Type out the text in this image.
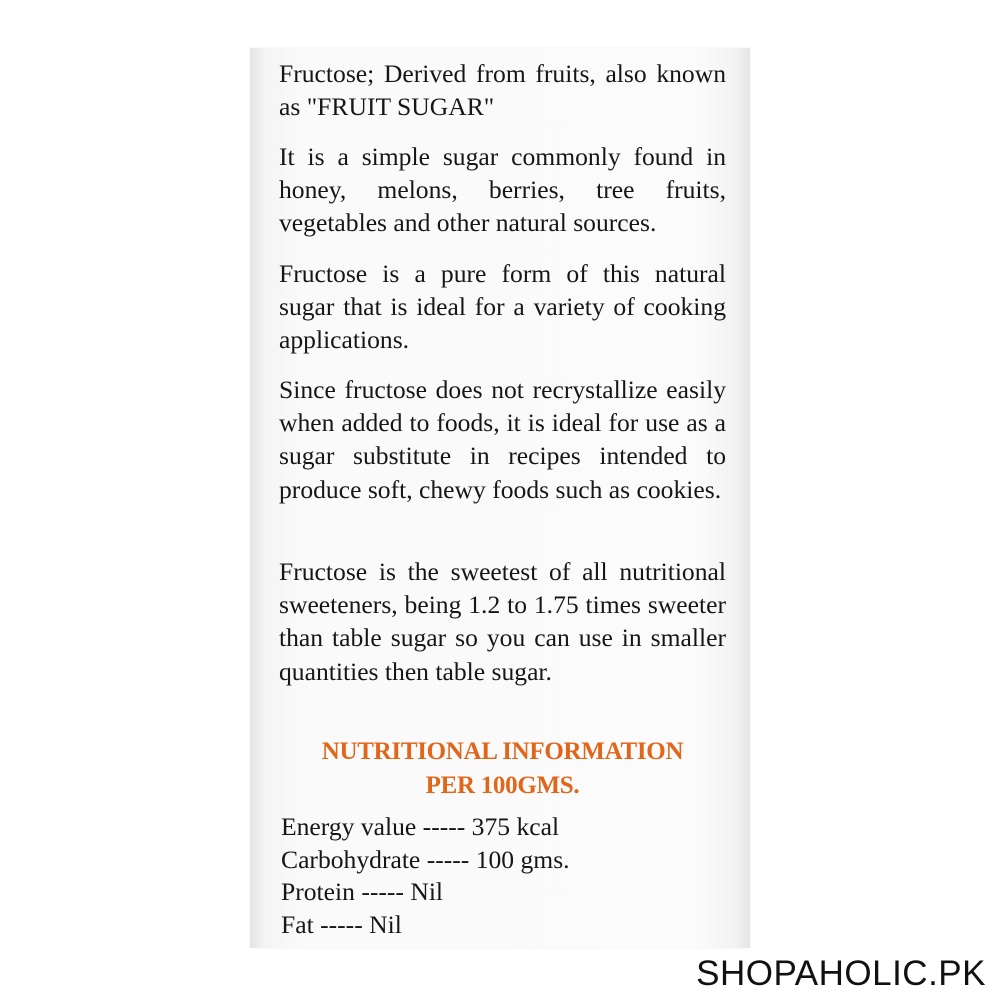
Fructose; Derived from fruits, also known as "FRUIT SUGAR"

It is a simple sugar commonly found in honey, melons, berries, tree fruits, vegetables and other natural sources.

Fructose is a pure form of this natural sugar that is ideal for a variety of cooking applications.

Since fructose does not recrystallize easily when added to foods, it is ideal for use as a sugar substitute in recipes intended to produce soft, chewy foods such as cookies.

Fructose is the sweetest of all nutritional sweeteners, being 1.2 to 1.75 times sweeter than table sugar so you can use in smaller quantities then table sugar.

NUTRITIONAL INFORMATION
PER 100GMS.
Energy value ----- 375 kcal
Carbohydrate ----- 100 gms.
Protein ----- Nil
Fat ----- Nil
SHOPAHOLIC.PK
